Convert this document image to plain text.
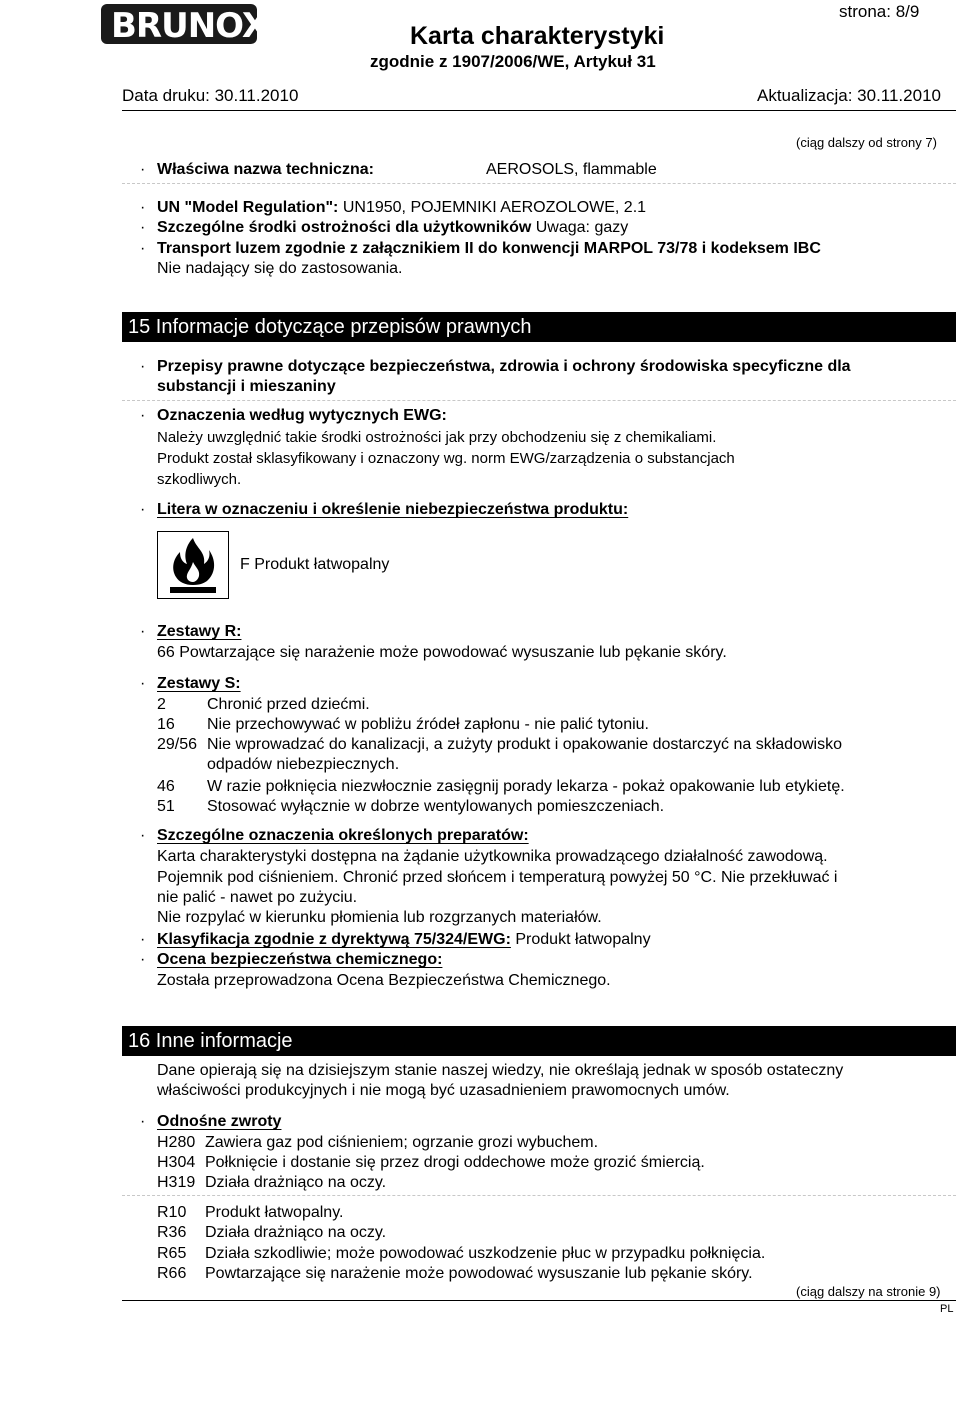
BRUNOX	Karta charakterystyki
zgodnie z 1907/2006/WE, Artykuł 31
strona: 8/9
Data druku: 30.11.2010	Aktualizacja: 30.11.2010
(ciąg dalszy od strony 7)
· Właściwa nazwa techniczna:	AEROSOLS, flammable
· UN "Model Regulation": UN1950, POJEMNIKI AEROZOLOWE, 2.1
· Szczególne środki ostrożności dla użytkowników Uwaga: gazy
· Transport luzem zgodnie z załącznikiem II do konwencji MARPOL 73/78 i kodeksem IBC
Nie nadający się do zastosowania.
15 Informacje dotyczące przepisów prawnych
· Przepisy prawne dotyczące bezpieczeństwa, zdrowia i ochrony środowiska specyficzne dla
substancji i mieszaniny
· Oznaczenia według wytycznych EWG:
Należy uwzględnić takie środki ostrożności jak przy obchodzeniu się z chemikaliami.
Produkt został sklasyfikowany i oznaczony wg. norm EWG/zarządzenia o substancjach
szkodliwych.
· Litera w oznaczeniu i określenie niebezpieczeństwa produktu:
F Produkt łatwopalny
· Zestawy R:
66 Powtarzające się narażenie może powodować wysuszanie lub pękanie skóry.
· Zestawy S:
2	Chronić przed dziećmi.
16 Nie przechowywać w pobliżu źródeł zapłonu - nie palić tytoniu.
29/56 Nie wprowadzać do kanalizacji, a zużyty produkt i opakowanie dostarczyć na składowisko
odpadów niebezpiecznych.
46 W razie połknięcia niezwłocznie zasięgnij porady lekarza - pokaż opakowanie lub etykietę.
51 Stosować wyłącznie w dobrze wentylowanych pomieszczeniach.
· Szczególne oznaczenia określonych preparatów:
Karta charakterystyki dostępna na żądanie użytkownika prowadzącego działalność zawodową.
Pojemnik pod ciśnieniem. Chronić przed słońcem i temperaturą powyżej 50 °C. Nie przekłuwać i
nie palić - nawet po zużyciu.
Nie rozpylać w kierunku płomienia lub rozgrzanych materiałów.
· Klasyfikacja zgodnie z dyrektywą 75/324/EWG: Produkt łatwopalny
· Ocena bezpieczeństwa chemicznego:
Została przeprowadzona Ocena Bezpieczeństwa Chemicznego.
16 Inne informacje
Dane opierają się na dzisiejszym stanie naszej wiedzy, nie określają jednak w sposób ostateczny
właściwości produkcyjnych i nie mogą być uzasadnieniem prawomocnych umów.
· Odnośne zwroty
H280 Zawiera gaz pod ciśnieniem; ogrzanie grozi wybuchem.
H304 Połknięcie i dostanie się przez drogi oddechowe może grozić śmiercią.
H319 Działa drażniąco na oczy.
R10 Produkt łatwopalny.
R36 Działa drażniąco na oczy.
R65 Działa szkodliwie; może powodować uszkodzenie płuc w przypadku połknięcia.
R66 Powtarzające się narażenie może powodować wysuszanie lub pękanie skóry.
(ciąg dalszy na stronie 9)
PL
